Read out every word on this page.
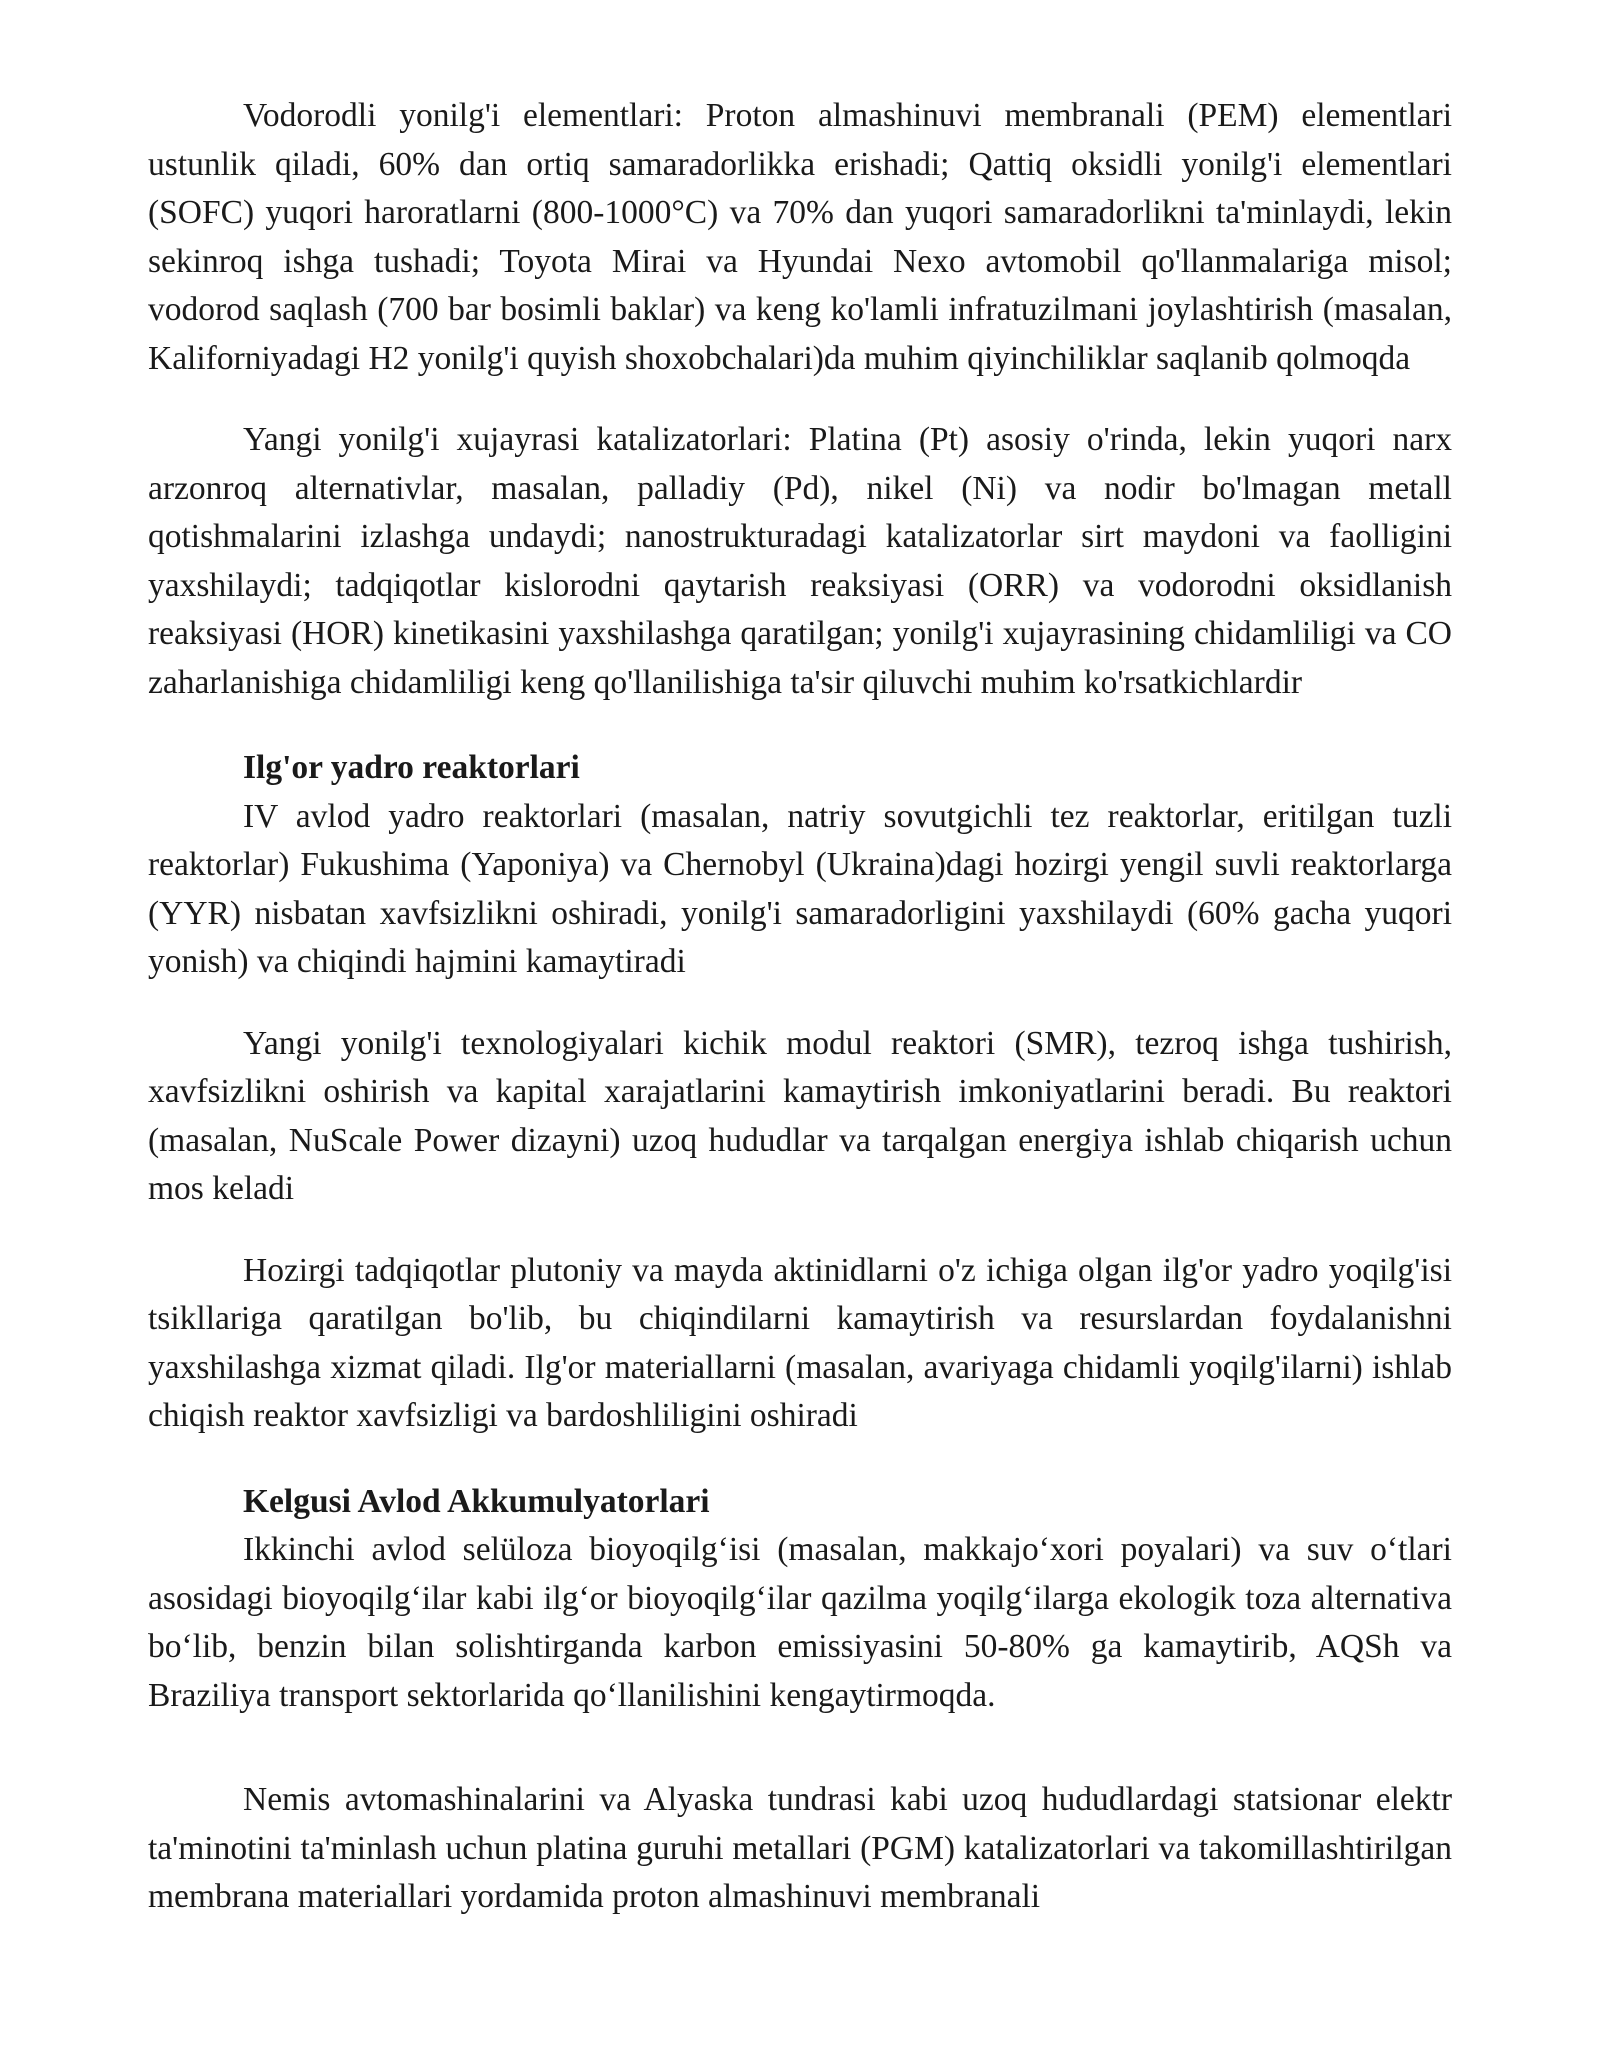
Vodorodli yonilg'i elementlari: Proton almashinuvi membranali (PEM) elementlari ustunlik qiladi, 60% dan ortiq samaradorlikka erishadi; Qattiq oksidli yonilg'i elementlari (SOFC) yuqori haroratlarni (800-1000°C) va 70% dan yuqori samaradorlikni ta'minlaydi, lekin sekinroq ishga tushadi; Toyota Mirai va Hyundai Nexo avtomobil qo'llanmalariga misol; vodorod saqlash (700 bar bosimli baklar) va keng ko'lamli infratuzilmani joylashtirish (masalan, Kaliforniyadagi H2 yonilg'i quyish shoxobchalari)da muhim qiyinchiliklar saqlanib qolmoqda

Yangi yonilg'i xujayrasi katalizatorlari: Platina (Pt) asosiy o'rinda, lekin yuqori narx arzonroq alternativlar, masalan, palladiy (Pd), nikel (Ni) va nodir bo'lmagan metall qotishmalarini izlashga undaydi; nanostrukturadagi katalizatorlar sirt maydoni va faolligini yaxshilaydi; tadqiqotlar kislorodni qaytarish reaksiyasi (ORR) va vodorodni oksidlanish reaksiyasi (HOR) kinetikasini yaxshilashga qaratilgan; yonilg'i xujayrasining chidamliligi va CO zaharlanishiga chidamliligi keng qo'llanilishiga ta'sir qiluvchi muhim ko'rsatkichlardir

Ilg'or yadro reaktorlari

IV avlod yadro reaktorlari (masalan, natriy sovutgichli tez reaktorlar, eritilgan tuzli reaktorlar) Fukushima (Yaponiya) va Chernobyl (Ukraina)dagi hozirgi yengil suvli reaktorlarga (YYR) nisbatan xavfsizlikni oshiradi, yonilg'i samaradorligini yaxshilaydi (60% gacha yuqori yonish) va chiqindi hajmini kamaytiradi

Yangi yonilg'i texnologiyalari kichik modul reaktori (SMR), tezroq ishga tushirish, xavfsizlikni oshirish va kapital xarajatlarini kamaytirish imkoniyatlarini beradi. Bu reaktori (masalan, NuScale Power dizayni) uzoq hududlar va tarqalgan energiya ishlab chiqarish uchun mos keladi

Hozirgi tadqiqotlar plutoniy va mayda aktinidlarni o'z ichiga olgan ilg'or yadro yoqilg'isi tsikllariga qaratilgan bo'lib, bu chiqindilarni kamaytirish va resurslardan foydalanishni yaxshilashga xizmat qiladi. Ilg'or materiallarni (masalan, avariyaga chidamli yoqilg'ilarni) ishlab chiqish reaktor xavfsizligi va bardoshliligini oshiradi

Kelgusi Avlod Akkumulyatorlari

Ikkinchi avlod selüloza bioyoqilg‘isi (masalan, makkajo‘xori poyalari) va suv o‘tlari asosidagi bioyoqilg‘ilar kabi ilg‘or bioyoqilg‘ilar qazilma yoqilg‘ilarga ekologik toza alternativa bo‘lib, benzin bilan solishtirganda karbon emissiyasini 50-80% ga kamaytirib, AQSh va Braziliya transport sektorlarida qo‘llanilishini kengaytirmoqda.

Nemis avtomashinalarini va Alyaska tundrasi kabi uzoq hududlardagi statsionar elektr ta'minotini ta'minlash uchun platina guruhi metallari (PGM) katalizatorlari va takomillashtirilgan membrana materiallari yordamida proton almashinuvi membranali
